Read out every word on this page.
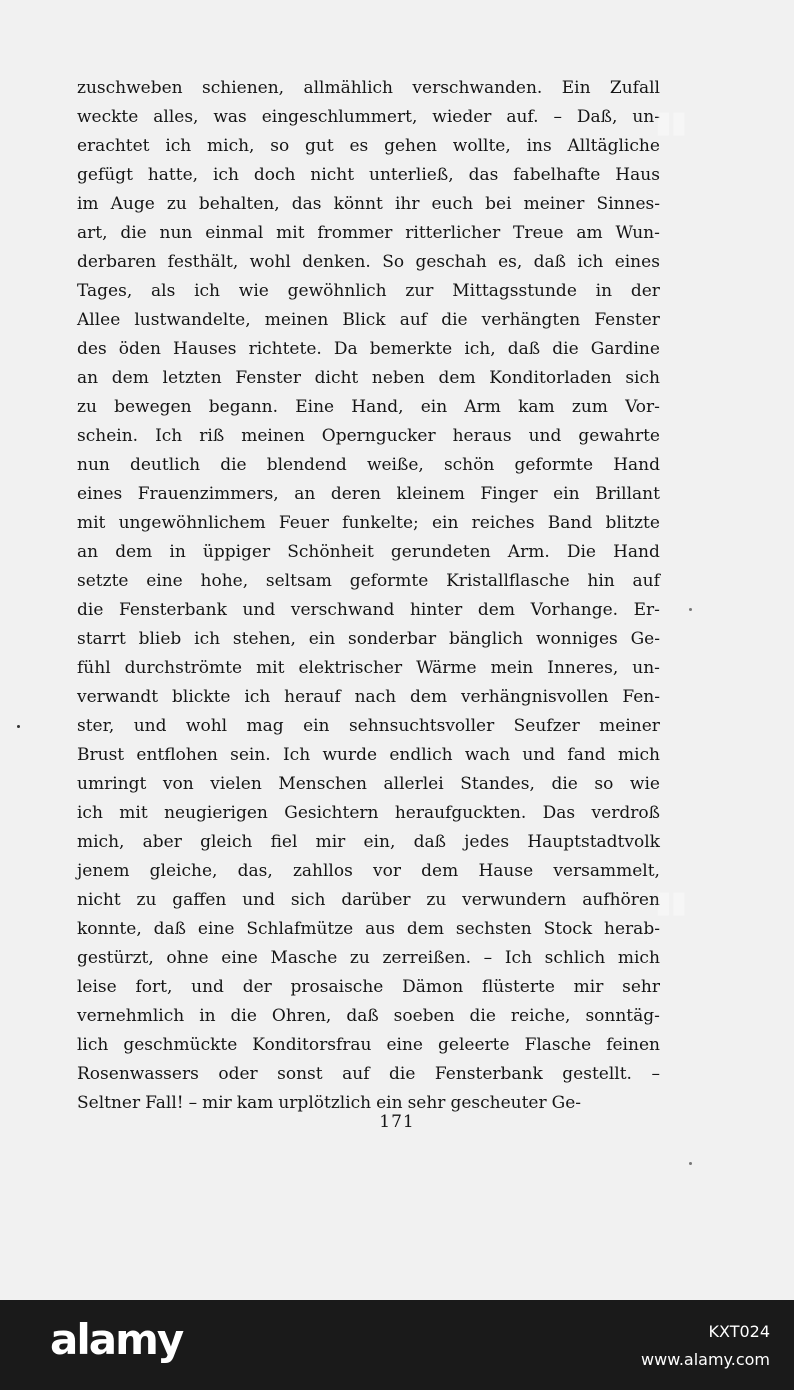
zuschweben schienen, allmählich verschwanden. Ein Zufall
weckte alles, was eingeschlummert, wieder auf. – Daß, un-
erachtet ich mich, so gut es gehen wollte, ins Alltägliche
gefügt hatte, ich doch nicht unterließ, das fabelhafte Haus
im Auge zu behalten, das könnt ihr euch bei meiner Sinnes-
art, die nun einmal mit frommer ritterlicher Treue am Wun-
derbaren festhält, wohl denken. So geschah es, daß ich eines
Tages, als ich wie gewöhnlich zur Mittagsstunde in der
Allee lustwandelte, meinen Blick auf die verhängten Fenster
des öden Hauses richtete. Da bemerkte ich, daß die Gardine
an dem letzten Fenster dicht neben dem Konditorladen sich
zu bewegen begann. Eine Hand, ein Arm kam zum Vor-
schein. Ich riß meinen Operngucker heraus und gewahrte
nun deutlich die blendend weiße, schön geformte Hand
eines Frauenzimmers, an deren kleinem Finger ein Brillant
mit ungewöhnlichem Feuer funkelte; ein reiches Band blitzte
an dem in üppiger Schönheit gerundeten Arm. Die Hand
setzte eine hohe, seltsam geformte Kristallflasche hin auf
die Fensterbank und verschwand hinter dem Vorhange. Er-
starrt blieb ich stehen, ein sonderbar bänglich wonniges Ge-
fühl durchströmte mit elektrischer Wärme mein Inneres, un-
verwandt blickte ich herauf nach dem verhängnisvollen Fen-
ster, und wohl mag ein sehnsuchtsvoller Seufzer meiner
Brust entflohen sein. Ich wurde endlich wach und fand mich
umringt von vielen Menschen allerlei Standes, die so wie
ich mit neugierigen Gesichtern heraufguckten. Das verdroß
mich, aber gleich fiel mir ein, daß jedes Hauptstadtvolk
jenem gleiche, das, zahllos vor dem Hause versammelt,
nicht zu gaffen und sich darüber zu verwundern aufhören
konnte, daß eine Schlafmütze aus dem sechsten Stock herab-
gestürzt, ohne eine Masche zu zerreißen. – Ich schlich mich
leise fort, und der prosaische Dämon flüsterte mir sehr
vernehmlich in die Ohren, daß soeben die reiche, sonntäg-
lich geschmückte Konditorsfrau eine geleerte Flasche feinen
Rosenwassers oder sonst auf die Fensterbank gestellt. –
Seltner Fall! – mir kam urplötzlich ein sehr gescheuter Ge-
171
▮▮
▮▮
alamy	KXT024
www.alamy.com
